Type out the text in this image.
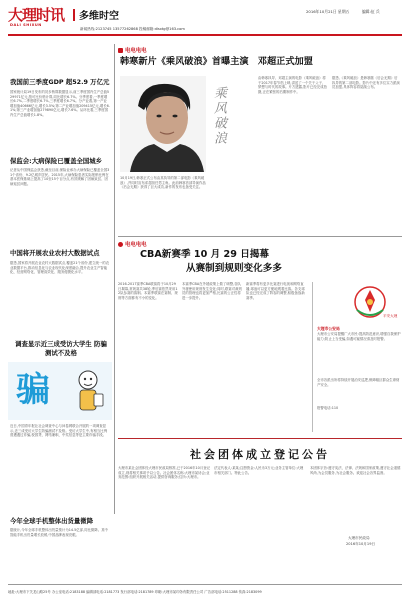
大理时讯
DALI SHIXUN
多维时空
新闻热线:2123745 13577262868 投稿邮箱:dlsxtg@163.com
2016年10月21日 星期五	编辑:伍 兵
我国前三季度GDP 超52.9 万亿元
国家统计局19日发布的初步核算数据显示,前三季度国内生产总值529971亿元,按可比价格计算,同比增长6.7%。分季度看,一季度增长6.7%,二季度增长6.7%,三季度增长6.7%。分产业看,第一产业增加值40666亿元,增长3.5%;第二产业增加值209415亿元,增长6.1%;第三产业增加值279890亿元,增长7.6%。从环比看,三季度国内生产总值增长1.8%。
保监会:大病保险已覆盖全国城乡
记者从中国保监会获悉,截至目前,保险业承办大病保险已覆盖全国31个省份、9.2亿城乡居民。2015年,大病保险患者实际报销比例在基本医保基础上提高了10至15个百分点,有效缓解了因病致贫、因病返贫问题。
中国将开展农业农村大数据试点
据悉,国家将开展农业农村大数据试点,覆盖21个省份,建立统一的农业数据平台,推动信息化与农业现代化深度融合,提升农业生产智能化、经营网络化、管理高效化、服务便捷化水平。
调查显示近三成受访大学生 防骗测试不及格
骗
近日,中国青年报社社会调查中心与问卷网联合开展的一项调查显示,近三成受访大学生防骗测试不及格。受访大学生中,有相当比例曾遭遇过诈骗,校园贷、网络兼职、中奖信息等是主要诈骗手段。
今年全球手机整体出货量微降
据统计,今年全球手机整体出货量预计为14.5亿部,同比微降。其中智能手机出货量增长放缓,中国品牌表现亮眼。
电电电电
韩寒新片《乘风破浪》首曝主演　邓超正式加盟
乘风破浪
10月19日,韩寒正式公布由其执导的第二部电影《乘风破浪》,并同时宣布邓超担任男主角。此前韩寒首部导演作品《后会无期》获得了巨大成功,新作的发布也备受关注。
由韩寒执导、邓超主演的电影《乘风破浪》将于2017年春节档上映,讲述了一个关于父子、梦想与时代的故事。片方透露,影片已经完成拍摄,正在紧张的后期制作中。
据悉,《乘风破浪》是韩寒继《后会无期》后执导的第二部电影。影片中还有多位实力派演员加盟,具体阵容将陆续公布。
电电电电
CBA新赛季 10 月 29 日揭幕
从赛制到规则变化多多
2016-2017赛季CBA联赛将于10月29日揭幕,常规赛共38轮,季后赛依然采用12队参赛的赛制。本赛季联赛在赛制、规则等方面都有不小的变化。
本赛季CBA在外援政策上做了调整,各队外援使用规则发生变化;同时,联赛对裁判员的管理也将更加严格,比赛的公正性将进一步提升。
新赛季将有更多比赛进行电视和网络直播,球迷可以更方便地观看比赛。各支球队也已经完成了阵容的调整,积极备战新赛季。
平安大理
大理市公安局
大理市公安局提醒广大市民:提高防范意识,增强自我保护能力;防止上当受骗,如遇可疑情况请及时报警。
全市各派出所将持续开展治安巡逻,保障辖区群众生命财产安全。
报警电话:110
社会团体成立登记公告
大理市某社会团体经大理市民政局核准,已于2016年10月登记成立,现将相关事项予以公告。社会团体名称:大理市某协会;业务范围:组织开展相关活动,提供咨询服务;住所:大理市。
法定代表人:某某;注册资金:人民币3万元;业务主管单位:大理市相关部门。特此公告。
本团体宗旨:遵守宪法、法律、法规和国家政策,遵守社会道德风尚,为会员服务,为社会服务。欢迎社会各界监督。
大理市民政局
2016年10月19日
地址:大理市下关龙山路25号 办公室电话:2183188 编辑部电话:2181773 发行部电话:2181789 印刷:大理市某印务有限责任公司 广告部电话:2511288 传真:2183099
